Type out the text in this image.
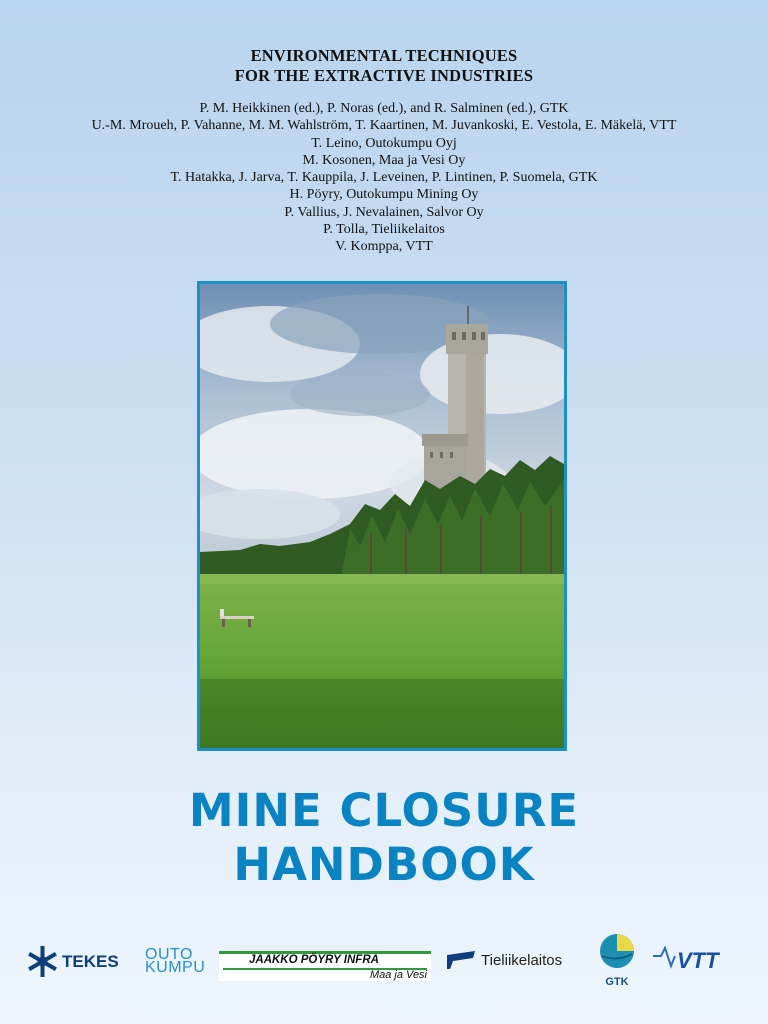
ENVIRONMENTAL TECHNIQUES
FOR THE EXTRACTIVE INDUSTRIES
P. M. Heikkinen (ed.), P. Noras (ed.), and R. Salminen (ed.), GTK
U.-M. Mroueh, P. Vahanne, M. M. Wahlström, T. Kaartinen, M. Juvankoski, E. Vestola, E. Mäkelä, VTT
T. Leino, Outokumpu Oyj
M. Kosonen, Maa ja Vesi Oy
T. Hatakka, J. Jarva, T. Kauppila, J. Leveinen, P. Lintinen, P. Suomela, GTK
H. Pöyry, Outokumpu Mining Oy
P. Vallius, J. Nevalainen, Salvor Oy
P. Tolla, Tieliikelaitos
V. Komppa, VTT
MINE CLOSURE
HANDBOOK
TEKES OUTO
KUMPU	JAAKKO PÖYRY INFRA
Maa ja Vesi
Tieliikelaitos
GTK
VTT
